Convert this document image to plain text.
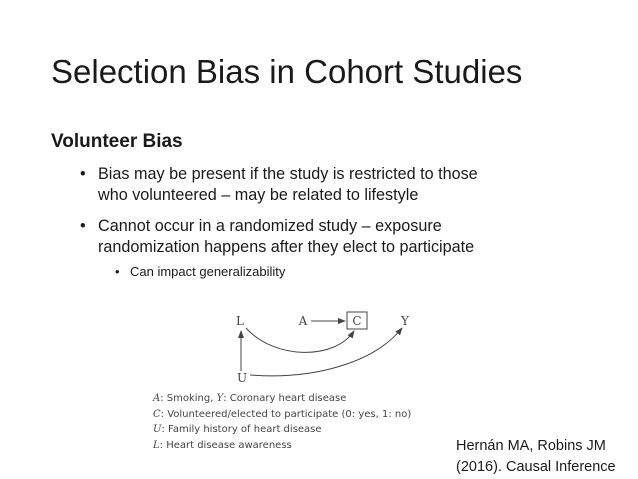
Selection Bias in Cohort Studies
Volunteer Bias
• Bias may be present if the study is restricted to those
who volunteered – may be related to lifestyle
• Cannot occur in a randomized study – exposure
randomization happens after they elect to participate
• Can impact generalizability
L	A	C	Y
U
A: Smoking, Y: Coronary heart disease
C: Volunteered/elected to participate (0: yes, 1: no)
U: Family history of heart disease
L: Heart disease awareness	Hernán MA, Robins JM
(2016). Causal Inference
